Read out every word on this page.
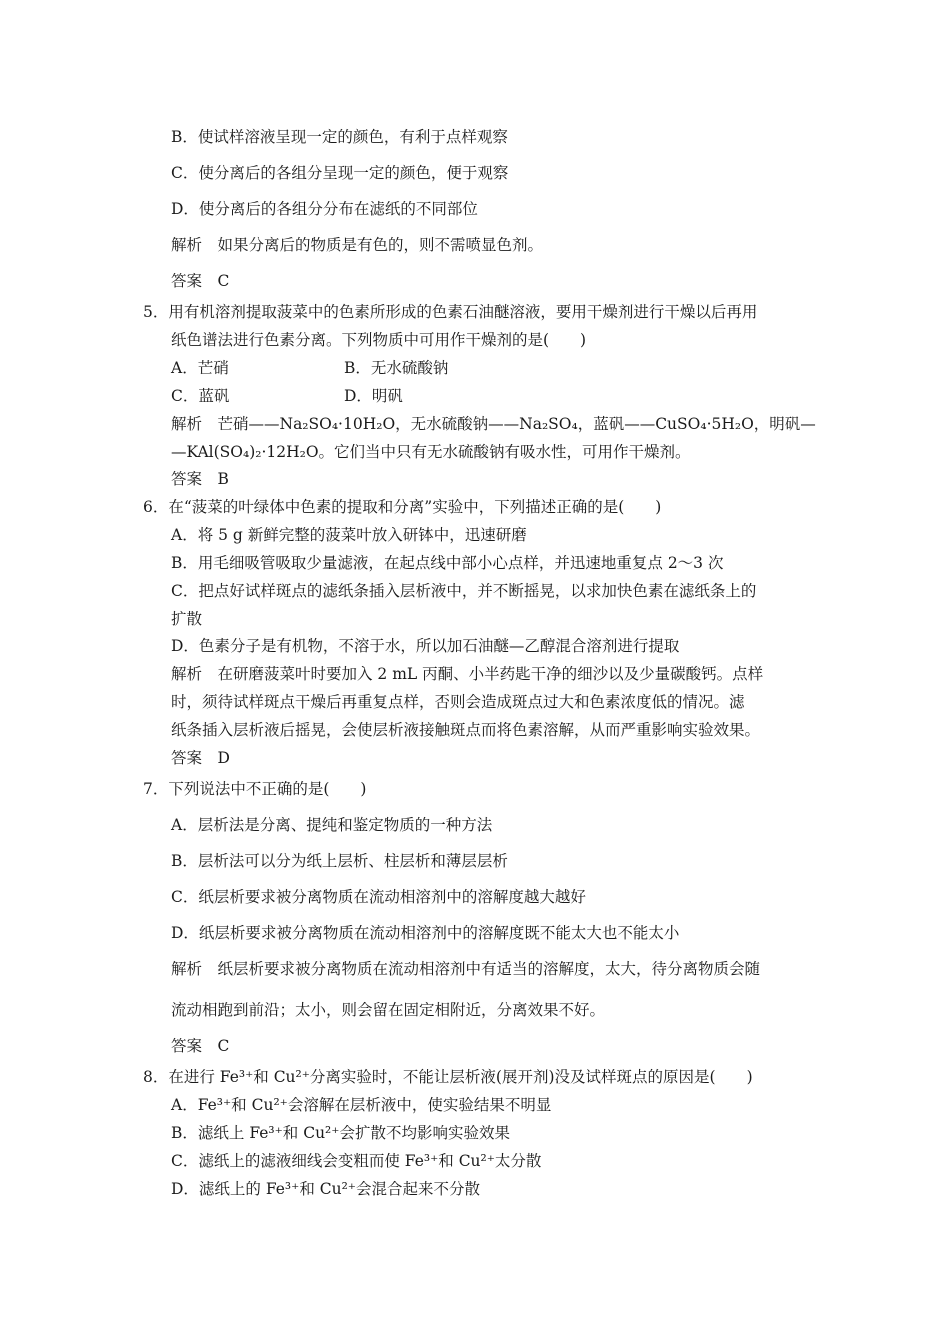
B．使试样溶液呈现一定的颜色，有利于点样观察
C．使分离后的各组分呈现一定的颜色，便于观察
D．使分离后的各组分分布在滤纸的不同部位
解析　如果分离后的物质是有色的，则不需喷显色剂。
答案　C
5．用有机溶剂提取菠菜中的色素所形成的色素石油醚溶液，要用干燥剂进行干燥以后再用
纸色谱法进行色素分离。下列物质中可用作干燥剂的是(　　)
A．芒硝	B．无水硫酸钠
C．蓝矾	D．明矾
解析　芒硝——Na₂SO₄·10H₂O，无水硫酸钠——Na₂SO₄，蓝矾——CuSO₄·5H₂O，明矾—
—KAl(SO₄)₂·12H₂O。它们当中只有无水硫酸钠有吸水性，可用作干燥剂。
答案　B
6．在“菠菜的叶绿体中色素的提取和分离”实验中，下列描述正确的是(　　)
A．将 5 g 新鲜完整的菠菜叶放入研钵中，迅速研磨
B．用毛细吸管吸取少量滤液，在起点线中部小心点样，并迅速地重复点 2～3 次
C．把点好试样斑点的滤纸条插入层析液中，并不断摇晃，以求加快色素在滤纸条上的
扩散
D．色素分子是有机物，不溶于水，所以加石油醚—乙醇混合溶剂进行提取
解析　在研磨菠菜叶时要加入 2 mL 丙酮、小半药匙干净的细沙以及少量碳酸钙。点样
时，须待试样斑点干燥后再重复点样，否则会造成斑点过大和色素浓度低的情况。滤
纸条插入层析液后摇晃，会使层析液接触斑点而将色素溶解，从而严重影响实验效果。
答案　D
7．下列说法中不正确的是(　　)
A．层析法是分离、提纯和鉴定物质的一种方法
B．层析法可以分为纸上层析、柱层析和薄层层析
C．纸层析要求被分离物质在流动相溶剂中的溶解度越大越好
D．纸层析要求被分离物质在流动相溶剂中的溶解度既不能太大也不能太小
解析　纸层析要求被分离物质在流动相溶剂中有适当的溶解度，太大，待分离物质会随
流动相跑到前沿；太小，则会留在固定相附近，分离效果不好。
答案　C
8．在进行 Fe³⁺和 Cu²⁺分离实验时，不能让层析液(展开剂)没及试样斑点的原因是(　　)
A．Fe³⁺和 Cu²⁺会溶解在层析液中，使实验结果不明显
B．滤纸上 Fe³⁺和 Cu²⁺会扩散不均影响实验效果
C．滤纸上的滤液细线会变粗而使 Fe³⁺和 Cu²⁺太分散
D．滤纸上的 Fe³⁺和 Cu²⁺会混合起来不分散
